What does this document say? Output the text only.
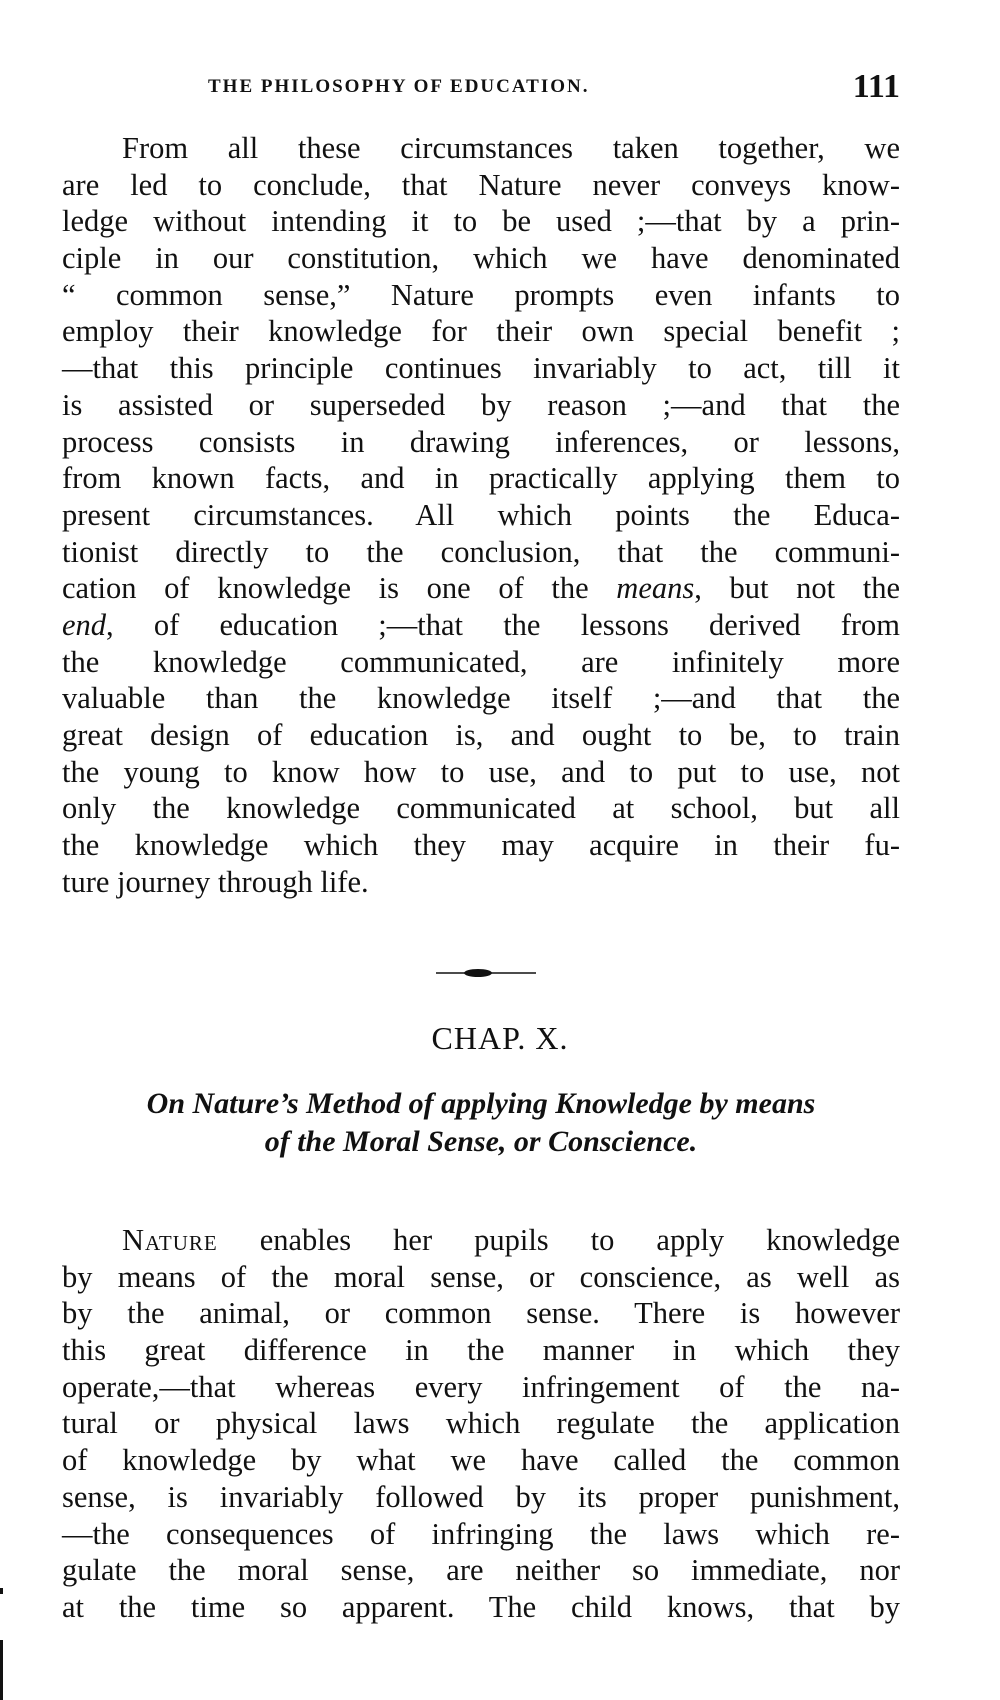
THE PHILOSOPHY OF EDUCATION.	111
From all these circumstances taken together, we
are led to conclude, that Nature never conveys know-
ledge without intending it to be used ;—that by a prin-
ciple in our constitution, which we have denominated
“ common sense,” Nature prompts even infants to
employ their knowledge for their own special benefit ;
—that this principle continues invariably to act, till it
is assisted or superseded by reason ;—and that the
process consists in drawing inferences, or lessons,
from known facts, and in practically applying them to
present circumstances. All which points the Educa-
tionist directly to the conclusion, that the communi-
cation of knowledge is one of the means, but not the
end, of education ;—that the lessons derived from
the knowledge communicated, are infinitely more
valuable than the knowledge itself ;—and that the
great design of education is, and ought to be, to train
the young to know how to use, and to put to use, not
only the knowledge communicated at school, but all
the knowledge which they may acquire in their fu-
ture journey through life.
CHAP. X.
On Nature’s Method of applying Knowledge by means
of the Moral Sense, or Conscience.
Nature enables her pupils to apply knowledge
by means of the moral sense, or conscience, as well as
by the animal, or common sense. There is however
this great difference in the manner in which they
operate,—that whereas every infringement of the na-
tural or physical laws which regulate the application
of knowledge by what we have called the common
sense, is invariably followed by its proper punishment,
—the consequences of infringing the laws which re-
gulate the moral sense, are neither so immediate, nor
at the time so apparent. The child knows, that by
